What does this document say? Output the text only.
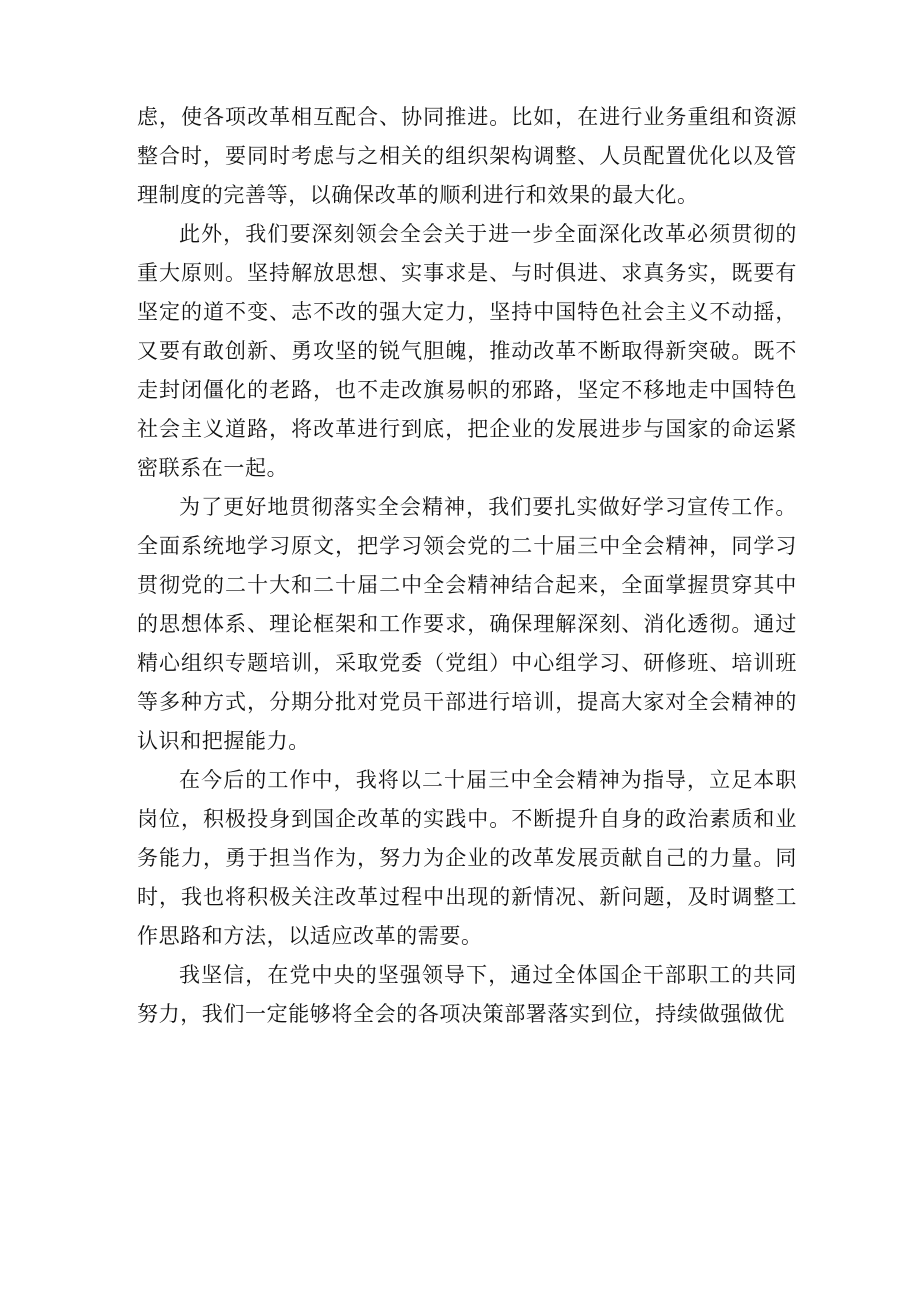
虑，使各项改革相互配合、协同推进。比如，在进行业务重组和资源整合时，要同时考虑与之相关的组织架构调整、人员配置优化以及管理制度的完善等，以确保改革的顺利进行和效果的最大化。

此外，我们要深刻领会全会关于进一步全面深化改革必须贯彻的重大原则。坚持解放思想、实事求是、与时俱进、求真务实，既要有坚定的道不变、志不改的强大定力，坚持中国特色社会主义不动摇，又要有敢创新、勇攻坚的锐气胆魄，推动改革不断取得新突破。既不走封闭僵化的老路，也不走改旗易帜的邪路，坚定不移地走中国特色社会主义道路，将改革进行到底，把企业的发展进步与国家的命运紧密联系在一起。

为了更好地贯彻落实全会精神，我们要扎实做好学习宣传工作。全面系统地学习原文，把学习领会党的二十届三中全会精神，同学习贯彻党的二十大和二十届二中全会精神结合起来，全面掌握贯穿其中的思想体系、理论框架和工作要求，确保理解深刻、消化透彻。通过精心组织专题培训，采取党委（党组）中心组学习、研修班、培训班等多种方式，分期分批对党员干部进行培训，提高大家对全会精神的认识和把握能力。

在今后的工作中，我将以二十届三中全会精神为指导，立足本职岗位，积极投身到国企改革的实践中。不断提升自身的政治素质和业务能力，勇于担当作为，努力为企业的改革发展贡献自己的力量。同时，我也将积极关注改革过程中出现的新情况、新问题，及时调整工作思路和方法，以适应改革的需要。

我坚信，在党中央的坚强领导下，通过全体国企干部职工的共同努力，我们一定能够将全会的各项决策部署落实到位，持续做强做优
